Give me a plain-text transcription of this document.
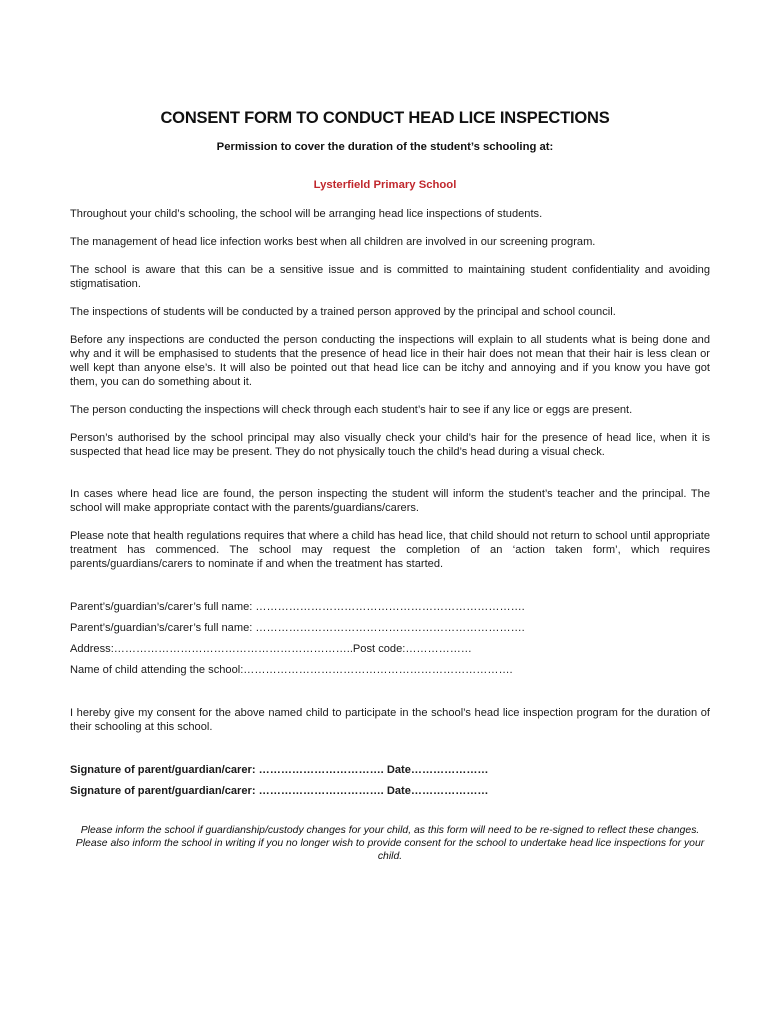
CONSENT FORM TO CONDUCT HEAD LICE INSPECTIONS

Permission to cover the duration of the student’s schooling at:

Lysterfield Primary School

Throughout your child’s schooling, the school will be arranging head lice inspections of students.

The management of head lice infection works best when all children are involved in our screening program.

The school is aware that this can be a sensitive issue and is committed to maintaining student confidentiality and avoiding stigmatisation.

The inspections of students will be conducted by a trained person approved by the principal and school council.

Before any inspections are conducted the person conducting the inspections will explain to all students what is being done and why and it will be emphasised to students that the presence of head lice in their hair does not mean that their hair is less clean or well kept than anyone else’s. It will also be pointed out that head lice can be itchy and annoying and if you know you have got them, you can do something about it.

The person conducting the inspections will check through each student’s hair to see if any lice or eggs are present.

Person’s authorised by the school principal may also visually check your child’s hair for the presence of head lice, when it is suspected that head lice may be present. They do not physically touch the child’s head during a visual check.

In cases where head lice are found, the person inspecting the student will inform the student’s teacher and the principal. The school will make appropriate contact with the parents/guardians/carers.

Please note that health regulations requires that where a child has head lice, that child should not return to school until appropriate treatment has commenced. The school may request the completion of an ‘action taken form’, which requires parents/guardians/carers to nominate if and when the treatment has started.

Parent’s/guardian’s/carer’s full name: ……………………………………………………………….

Parent’s/guardian’s/carer’s full name: ……………………………………………………………….

Address:………………………………………………………..Post code:………………

Name of child attending the school:……………………………………………………………….

I hereby give my consent for the above named child to participate in the school’s head lice inspection program for the duration of their schooling at this school.

Signature of parent/guardian/carer: ……………………………. Date…………………

Signature of parent/guardian/carer: ……………………………. Date…………………

Please inform the school if guardianship/custody changes for your child, as this form will need to be re-signed to reflect these changes. Please also inform the school in writing if you no longer wish to provide consent for the school to undertake head lice inspections for your child.
